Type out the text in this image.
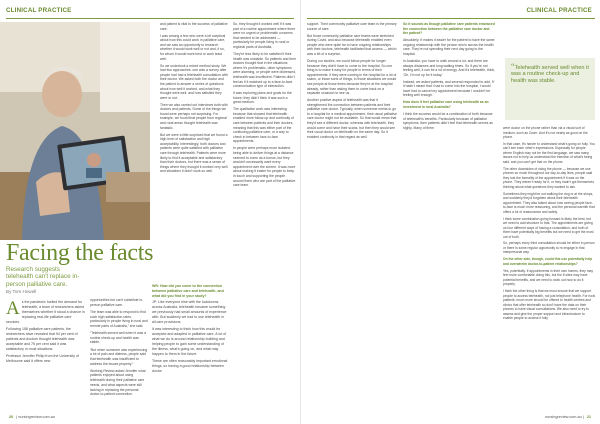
CLINICAL PRACTICE
Facing the facts
Research suggests telehealth can't replace in-person palliative care.
By Tom Howell

As the pandemic fuelled the demand for telehealth, a team of researchers asked themselves whether it stood a chance in replacing real-life palliative care services.

Following 158 palliative care patients, the researchers have revealed that 94 per cent of patients and doctors thought telehealth was acceptable and 75 per cent said it was satisfactory in most situations.

Professor Jennifer Philip from the University of Melbourne said it offers new

opportunities but can't substitute in-person palliative care.

The team was able to respond to find such high satisfaction rates, particularly in people living in rural and remote parts of Australia,” she said.

“Telehealth served well when it was a routine check-up and health was stable.

“But when someone was experiencing a lot of pain and distress, people said that telehealth was insufficient to address the issues properly.”

Working Review asked Jennifer what patients enjoyed about using telehealth during their palliative care needs, and what aspects were still lacking in replacing the personal doctor-to-patient connection.

WR: How did you come to the connection between palliative care and telehealth, and what did you find in your study?

JP: Like everyone else with the lockdowns across Australia, telehealth became something we previously had small amounts of experience with. But suddenly we had to use telehealth in all care provisions.

It was interesting to think how this would be accepted and adapted in palliative care. A lot of what we do is around relationship building and helping people to gain some understanding of the illness, what's going on, and what may happen to them in the future.

These are often reasonably important emotional things, so having a good relationship between doctor

and patient is vital to the success of palliative care.

I was among a few who were a bit sceptical about how this could work in palliative care, and we saw an opportunity to research whether it would work well or not and, if so, for whom it would work best or work least well.

So we undertook a mixed method study. We had two approaches: one was a survey after people had had a telehealth consultation with their doctor. We asked both the doctor and the patient to answer a series of questions about how well it worked, and what they thought went well, and how satisfied they were or not.

Then we also carried out interviews both with doctors and patients. Some of the things we found were perhaps not surprising. For example, we found that people from regional and rural areas thought telehealth was fantastic.

But we were a little surprised that we found a high level of satisfaction and high acceptability. Interestingly, both doctors and patients were quite satisfied with palliative care through telehealth. Patients were more likely to find it acceptable and satisfactory than their doctors, but there was a sense of things where they thought it worked very well and situations it didn't work so well.

So, they thought it worked well if it was part of a routine appointment where there were no urgent or problematic concerns that needed to be addressed — particularly for people living in rural or regional parts of Australia.

They're less likely to be satisfied if their health was unstable. So patients and their doctors thought that in the situations where it's problematic, other symptoms were alarming, or people were distressed, telehealth was insufficient. Patients didn't feel as if it matched up to a face-to-face communication type of interaction.

It was exploring plans and goals for the future; they didn't think it was such a great medium.

The qualitative work was interesting because that showed that telehealth enabled more follow-up and continuity of care between patients and their doctors, meaning that this was either part of the continuing palliative care, or a way to check in between face-to-face appointments.

In people were perhaps more isolated, being able to deliver things at a distance seemed to come as a bonus, but they wouldn't necessarily want every appointment over the screen. It was more about making it easier for people to keep in touch and supporting the people around them who are part of the palliative care team.

20 | nursingreview.com.au
CLINICAL PRACTICE

support. Their community palliative care team is the primary source of care.

But those community palliative care teams were stretched during Covid, and also because telehealth enabled even people who were quite far to have ongoing relationships with their doctors, telehealth facilitated that access — which was a bit of a surprise.

During our studies, we could follow people for longer because they didn't have to come to the hospital. So one thing is to make it easy for people in terms of their appointments: if they were coming in the hospital for a lot of scans, or those sorts of things, in those situations we would see people at those times because they're at the hospital already, rather than asking them to come back on a separate occasion to see us.

Another positive aspect of telehealth was that it strengthened the connection between patients and their palliative care doctor. Typically, when someone needs to go to a hospital for a medical appointment, their usual palliative care doctor might not be available. So that would mean that they'd see a different doctor, whereas with telehealth, they would come and have their scans, but then they would see their usual doctor on telehealth on the same day. So it enabled continuity in that regard as well.

So it sounds as though palliative care patients embraced the connection between the palliative care doctor and the patient?

Absolutely. It makes it easier for the patient to have the same ongoing relationship with the person who's across the health care. They're not spending their next day going to the hospital.

In Australia, you have to walk around a lot, and there are always distances and long waiting times. So if you're not feeling well, it can be a lot of energy. And it's telehealth, think, 'Oh, I'm not up for it today.'

Instead, we asked patients, and several responded to add, 'If it hadn't meant that I had to come into the hospital, I would have had to cancel my appointment because I wouldn't be feeling well enough.'

How does it feel palliative care using telehealth as an investment in rural Australia?

I think the success would be a combination of both because of telehealth's benefits. Particularly because of palliative symptoms, then patients didn't feel that telehealth serves as highly. Many of them

“Telehealth served well when it was a routine check-up and health was stable.

were doctor on the phone rather than via a visual sort of medium, such as Zoom. And it's not nearly as good on the phone.

In that case, it's harder to understand what's going on fully. You can't see each other's expressions. Especially for people where English may not be the first language, we saw many issues not to help us understand the intention of what's being said, and you can't get that on the phone.

The other downsides of using the phone — because we use phones so much throughout our day-to-day lives, people said they lost the formality of the appointment if it was on the phone. They weren't ready for it, or they hadn't got themselves thinking about what questions they wanted to ask.

Sometimes they might be out walking the dog or at the shops, and suddenly they'd forgotten about their telehealth appointment. They also talked about how seeing people face-to-face is much more reassuring, and the personal warmth that offers a lot of reassurance and safety.

I think some combination going forward is likely the best, but we need to add structure to that. The appointments are giving us four different ways of having a consultation, and both of them have potentially big benefits but we need to get the most out of both.

So, perhaps every third consultation should be either in-person or there is some regular opportunity to re-engage in that interpersonal way.

On the other side, though, could this use potentially help and overwhelm doctor-to-patient relationships?

Yes, potentially. If appointments in their own homes, they may feel more comfortable doing this, but the 8 sites may have potential benefits, and we need to work out how to do it properly.

I think the other thing is that we must ensure that we support people to access telehealth, not just telephone health. For rural patients, much more should be offered to health centres and clinics that offer telehealth so don't have the data on their phones to have visual consultations. We also need to try to assess and give the proper support and infrastructure to enable people to access it fully.

nursingreview.com.au | 21
